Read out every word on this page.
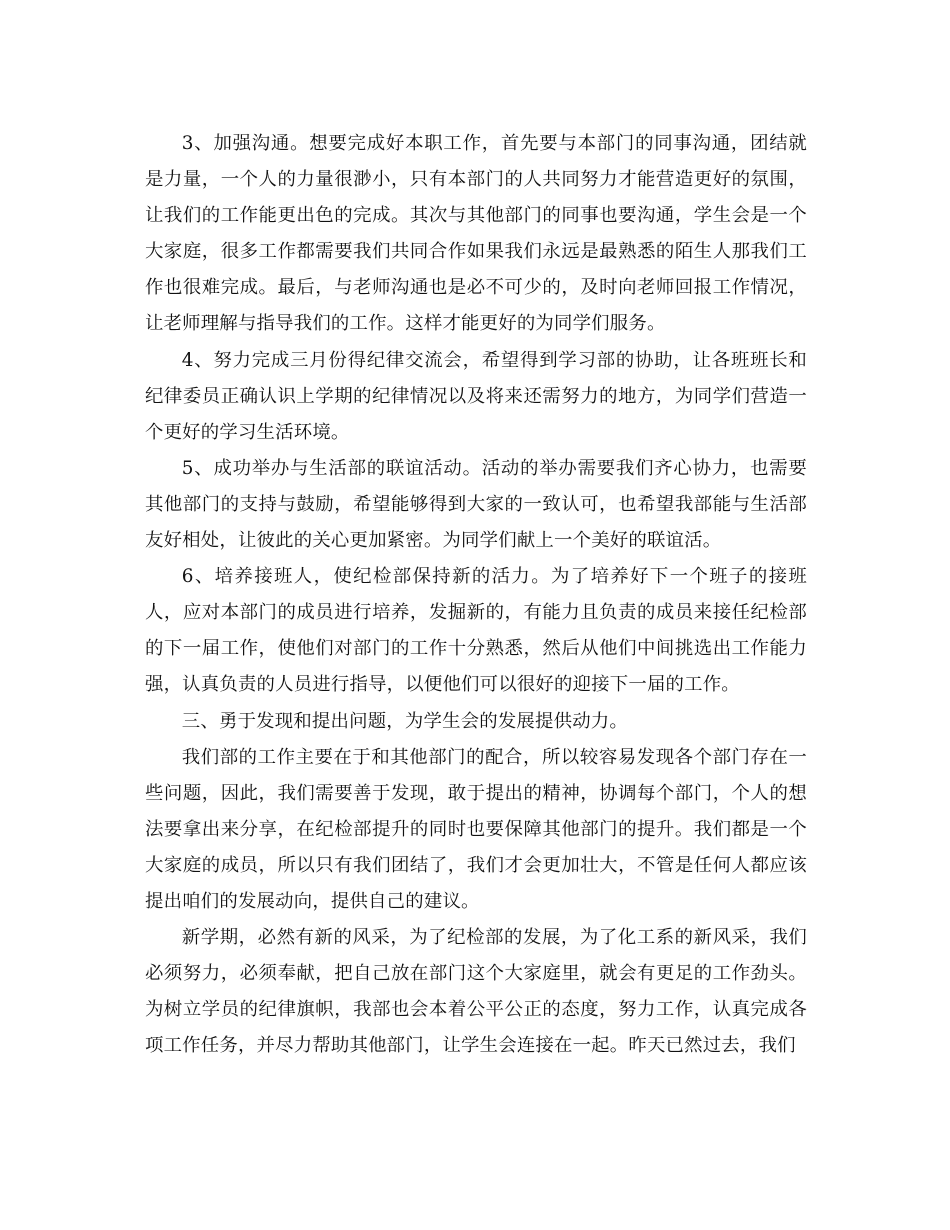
3、加强沟通。想要完成好本职工作，首先要与本部门的同事沟通，团结就是力量，一个人的力量很渺小，只有本部门的人共同努力才能营造更好的氛围，让我们的工作能更出色的完成。其次与其他部门的同事也要沟通，学生会是一个大家庭，很多工作都需要我们共同合作如果我们永远是最熟悉的陌生人那我们工作也很难完成。最后，与老师沟通也是必不可少的，及时向老师回报工作情况，让老师理解与指导我们的工作。这样才能更好的为同学们服务。

4、努力完成三月份得纪律交流会，希望得到学习部的协助，让各班班长和纪律委员正确认识上学期的纪律情况以及将来还需努力的地方，为同学们营造一个更好的学习生活环境。

5、成功举办与生活部的联谊活动。活动的举办需要我们齐心协力，也需要其他部门的支持与鼓励，希望能够得到大家的一致认可，也希望我部能与生活部友好相处，让彼此的关心更加紧密。为同学们献上一个美好的联谊活。

6、培养接班人，使纪检部保持新的活力。为了培养好下一个班子的接班人，应对本部门的成员进行培养，发掘新的，有能力且负责的成员来接任纪检部的下一届工作，使他们对部门的工作十分熟悉，然后从他们中间挑选出工作能力强，认真负责的人员进行指导，以便他们可以很好的迎接下一届的工作。

三、勇于发现和提出问题，为学生会的发展提供动力。

我们部的工作主要在于和其他部门的配合，所以较容易发现各个部门存在一些问题，因此，我们需要善于发现，敢于提出的精神，协调每个部门，个人的想法要拿出来分享，在纪检部提升的同时也要保障其他部门的提升。我们都是一个大家庭的成员，所以只有我们团结了，我们才会更加壮大，不管是任何人都应该提出咱们的发展动向，提供自己的建议。

新学期，必然有新的风采，为了纪检部的发展，为了化工系的新风采，我们必须努力，必须奉献，把自己放在部门这个大家庭里，就会有更足的工作劲头。为树立学员的纪律旗帜，我部也会本着公平公正的态度，努力工作，认真完成各项工作任务，并尽力帮助其他部门，让学生会连接在一起。昨天已然过去，我们
